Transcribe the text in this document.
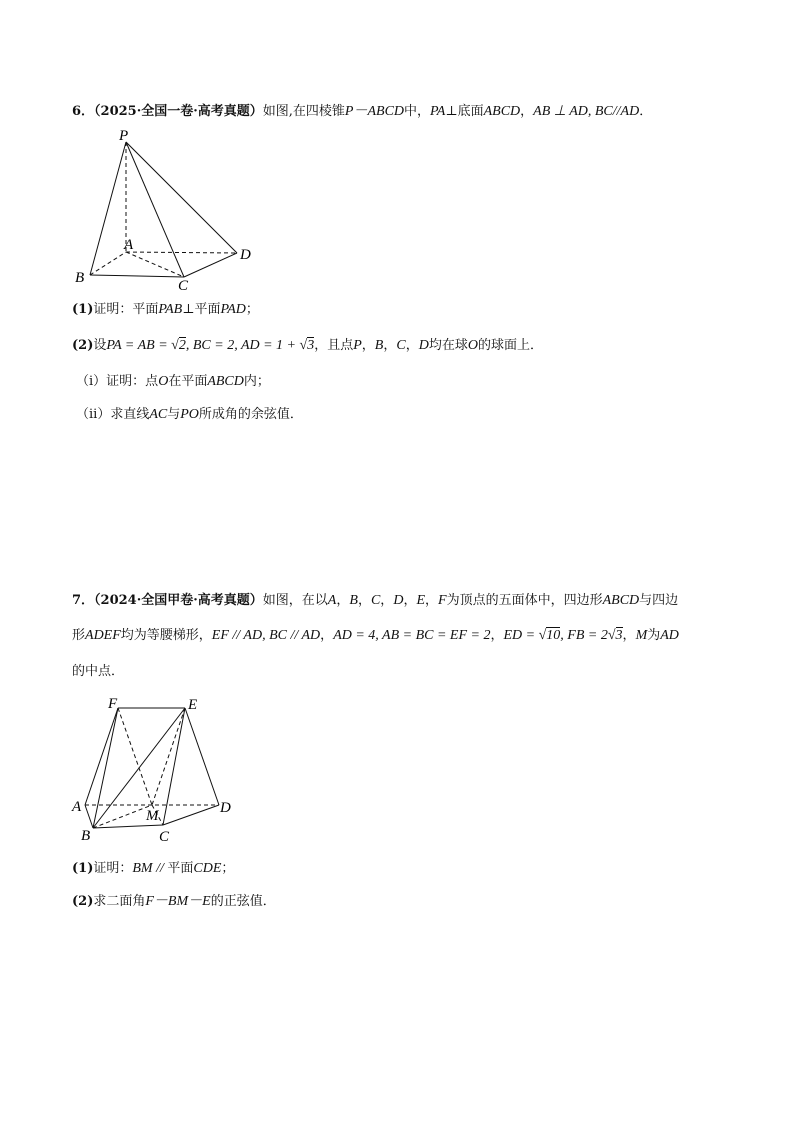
6．（2025·全国一卷·高考真题）如图,在四棱锥P－ABCD中，PA⊥底面ABCD，AB ⊥ AD, BC//AD．
P
A
B	C
D
(1)证明：平面PAB⊥平面PAD；
(2)设PA = AB = √2, BC = 2, AD = 1 + √3，且点P，B，C，D均在球O的球面上．
（i）证明：点O在平面ABCD内；
（ii）求直线AC与PO所成角的余弦值．
7．（2024·全国甲卷·高考真题）如图，在以A，B，C，D，E，F为顶点的五面体中，四边形ABCD与四边
形ADEF均为等腰梯形，EF // AD, BC // AD，AD = 4, AB = BC = EF = 2，ED = √10, FB = 2√3，M为AD
的中点．
F	E
A	D
M
B	C
(1)证明：BM // 平面CDE；
(2)求二面角F－BM－E的正弦值．
